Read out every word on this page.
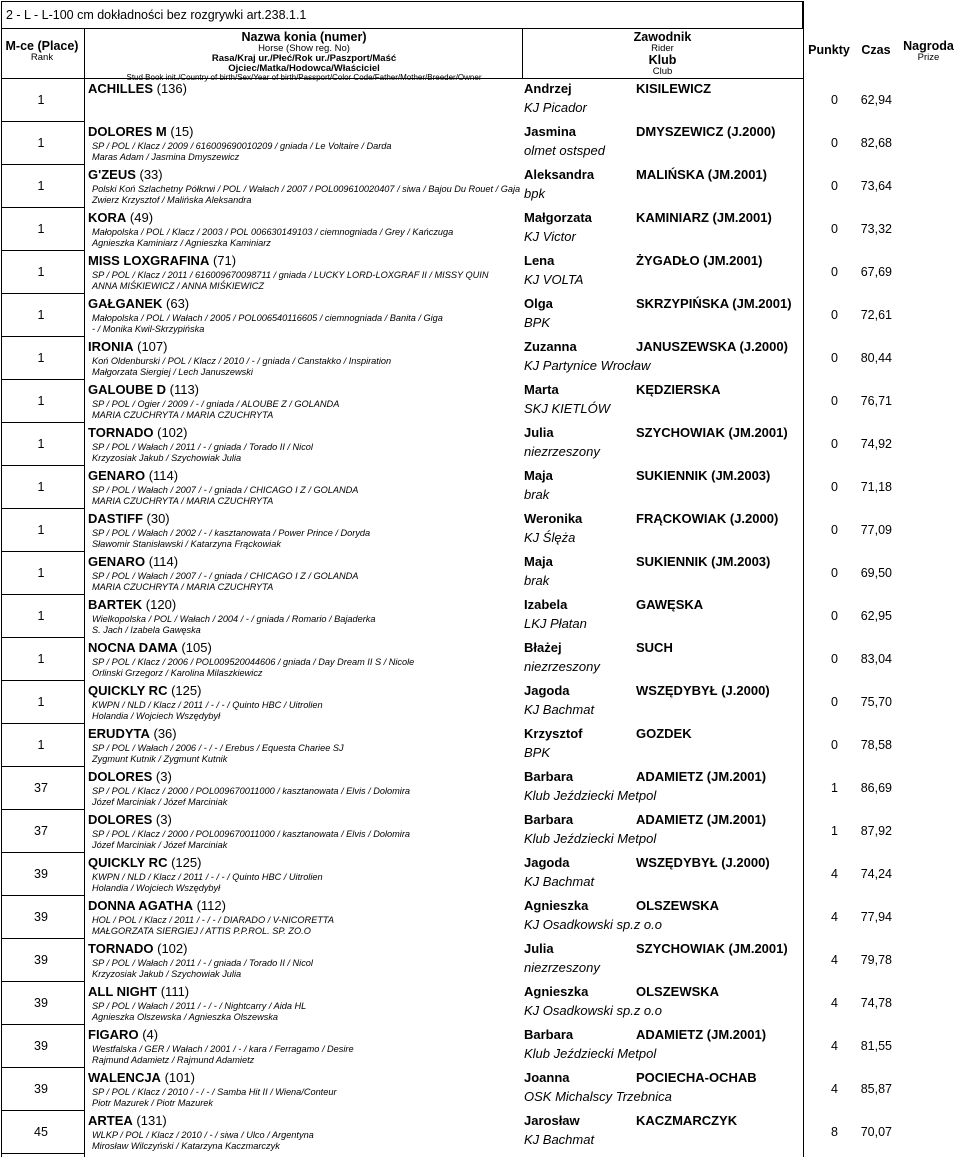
2 - L - L-100 cm dokładności bez rozgrywki art.238.1.1
M-ce (Place)
Rank
Nazwa konia (numer)
Horse (Show reg. No)
Rasa/Kraj ur./Płeć/Rok ur./Paszport/Maść
Ojciec/Matka/Hodowca/Właściciel
Zawodnik
Rider
Klub
Club
Punkty Czas	Nagroda
Prize
1
ACHILLES (136)	Andrzej	KISILEWICZ
KJ Picador	0	62,94
1
DOLORES M (15)
SP / POL / Klacz / 2009 / 616009690010209 / gniada / Le Voltaire / Darda
Maras Adam / Jasmina Dmyszewicz
Jasmina	DMYSZEWICZ (J.2000)
olmet ostsped	0	82,68
1
G'ZEUS (33)
Polski Koń Szlachetny Półkrwi / POL / Wałach / 2007 / POL009610020407 / siwa / Bajou Du Rouet / Gaja
Zwierz Krzysztof / Malińska Aleksandra
Aleksandra	MALIŃSKA (JM.2001)
bpk	0	73,64
1
KORA (49)
Małopolska / POL / Klacz / 2003 / POL 006630149103 / ciemnogniada / Grey / Kańczuga
Agnieszka Kaminiarz / Agnieszka Kaminiarz
Małgorzata	KAMINIARZ (JM.2001)
KJ Victor	0	73,32
1
MISS LOXGRAFINA (71)
SP / POL / Klacz / 2011 / 616009670098711 / gniada / LUCKY LORD-LOXGRAF II / MISSY QUIN
ANNA MIŚKIEWICZ / ANNA MIŚKIEWICZ
Lena	ŻYGADŁO (JM.2001)
KJ VOLTA	0	67,69
1
GAŁGANEK (63)
Małopolska / POL / Wałach / 2005 / POL006540116605 / ciemnogniada / Banita / Giga
- / Monika Kwil-Skrzypińska
Olga	SKRZYPIŃSKA (JM.2001)
BPK	0	72,61
1
IRONIA (107)
Koń Oldenburski / POL / Klacz / 2010 / - / gniada / Canstakko / Inspiration
Małgorzata Siergiej / Lech Januszewski
Zuzanna	JANUSZEWSKA (J.2000)
KJ Partynice Wrocław	0	80,44
1
GALOUBE D (113)
SP / POL / Ogier / 2009 / - / gniada / ALOUBE Z / GOLANDA
MARIA CZUCHRYTA / MARIA CZUCHRYTA
Marta	KĘDZIERSKA
SKJ KIETLÓW	0	76,71
1
TORNADO (102)
SP / POL / Wałach / 2011 / - / gniada / Torado II / Nicol
Krzyzosiak Jakub / Szychowiak Julia
Julia	SZYCHOWIAK (JM.2001)
niezrzeszony	0	74,92
1
GENARO (114)
SP / POL / Wałach / 2007 / - / gniada / CHICAGO I Z / GOLANDA
MARIA CZUCHRYTA / MARIA CZUCHRYTA
Maja	SUKIENNIK (JM.2003)
brak	0	71,18
1
DASTIFF (30)
SP / POL / Wałach / 2002 / - / kasztanowata / Power Prince / Doryda
Sławomir Stanisławski / Katarzyna Frąckowiak
Weronika	FRĄCKOWIAK (J.2000)
KJ Ślęża	0	77,09
1
GENARO (114)
SP / POL / Wałach / 2007 / - / gniada / CHICAGO I Z / GOLANDA
MARIA CZUCHRYTA / MARIA CZUCHRYTA
Maja	SUKIENNIK (JM.2003)
brak	0	69,50
1
BARTEK (120)
Wielkopolska / POL / Wałach / 2004 / - / gniada / Romario / Bajaderka
S. Jach / Izabela Gawęska
Izabela	GAWĘSKA
LKJ Płatan	0	62,95
1
NOCNA DAMA (105)
SP / POL / Klacz / 2006 / POL009520044606 / gniada / Day Dream II S / Nicole
Orlinski Grzegorz / Karolina Milaszkiewicz
Błażej	SUCH
niezrzeszony	0	83,04
1
QUICKLY RC (125)
KWPN / NLD / Klacz / 2011 / - / - / Quinto HBC / Uitrolien
Holandia / Wojciech Wszędybył
Jagoda	WSZĘDYBYŁ (J.2000)
KJ Bachmat	0	75,70
1
ERUDYTA (36)
SP / POL / Wałach / 2006 / - / - / Erebus / Equesta Chariee SJ
Zygmunt Kutnik / Zygmunt Kutnik
Krzysztof	GOZDEK
BPK	0	78,58
37
DOLORES (3)
SP / POL / Klacz / 2000 / POL009670011000 / kasztanowata / Elvis / Dolomira
Józef Marciniak / Józef Marciniak
Barbara	ADAMIETZ (JM.2001)
Klub Jeździecki Metpol	1	86,69
37
DOLORES (3)
SP / POL / Klacz / 2000 / POL009670011000 / kasztanowata / Elvis / Dolomira
Józef Marciniak / Józef Marciniak
Barbara	ADAMIETZ (JM.2001)
Klub Jeździecki Metpol	1	87,92
39
QUICKLY RC (125)
KWPN / NLD / Klacz / 2011 / - / - / Quinto HBC / Uitrolien
Holandia / Wojciech Wszędybył
Jagoda	WSZĘDYBYŁ (J.2000)
KJ Bachmat	4	74,24
39
DONNA AGATHA (112)
HOL / POL / Klacz / 2011 / - / - / DIARADO / V-NICORETTA
MAŁGORZATA SIERGIEJ / ATTIS P.P.ROL. SP. ZO.O
Agnieszka	OLSZEWSKA
KJ Osadkowski sp.z o.o	4	77,94
39
TORNADO (102)
SP / POL / Wałach / 2011 / - / gniada / Torado II / Nicol
Krzyzosiak Jakub / Szychowiak Julia
Julia	SZYCHOWIAK (JM.2001)
niezrzeszony	4	79,78
39
ALL NIGHT (111)
SP / POL / Wałach / 2011 / - / - / Nightcarry / Aida HL
Agnieszka Olszewska / Agnieszka Olszewska
Agnieszka	OLSZEWSKA
KJ Osadkowski sp.z o.o	4	74,78
39
FIGARO (4)
Westfalska / GER / Wałach / 2001 / - / kara / Ferragamo / Desire
Rajmund Adamietz / Rajmund Adamietz
Barbara	ADAMIETZ (JM.2001)
Klub Jeździecki Metpol	4	81,55
39
WALENCJA (101)
SP / POL / Klacz / 2010 / - / - / Samba Hit II / Wiena/Conteur
Piotr Mazurek / Piotr Mazurek
Joanna	POCIECHA-OCHAB
OSK Michalscy Trzebnica	4	85,87
45
ARTEA (131)
WLKP / POL / Klacz / 2010 / - / siwa / Ulco / Argentyna
Mirosław Wilczyński / Katarzyna Kaczmarczyk
Jarosław	KACZMARCZYK
KJ Bachmat	8	70,07
